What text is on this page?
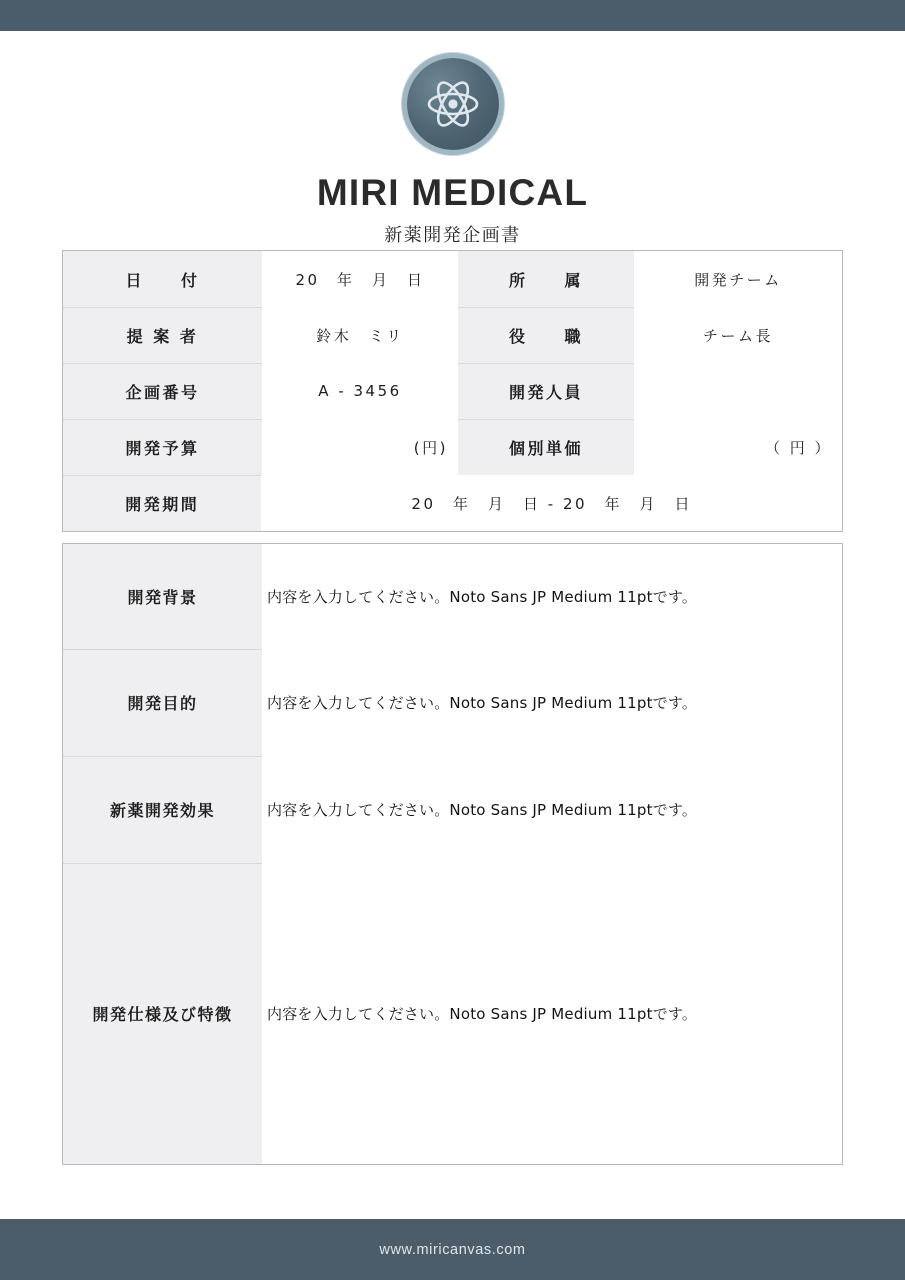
MIRI MEDICAL
新薬開発企画書
日　　付	20　年　月　日	所　　属	開発チーム
提 案 者	鈴木　ミリ	役　　職	チーム長
企画番号	A - 3456	開発人員
開発予算	(円)	個別単価	（ 円 ）
開発期間	20　年　月　日 - 20　年　月　日
開発背景	内容を入力してください。Noto Sans JP Medium 11ptです。
開発目的	内容を入力してください。Noto Sans JP Medium 11ptです。
新薬開発効果	内容を入力してください。Noto Sans JP Medium 11ptです。
開発仕様及び特徴	内容を入力してください。Noto Sans JP Medium 11ptです。
www.miricanvas.com
